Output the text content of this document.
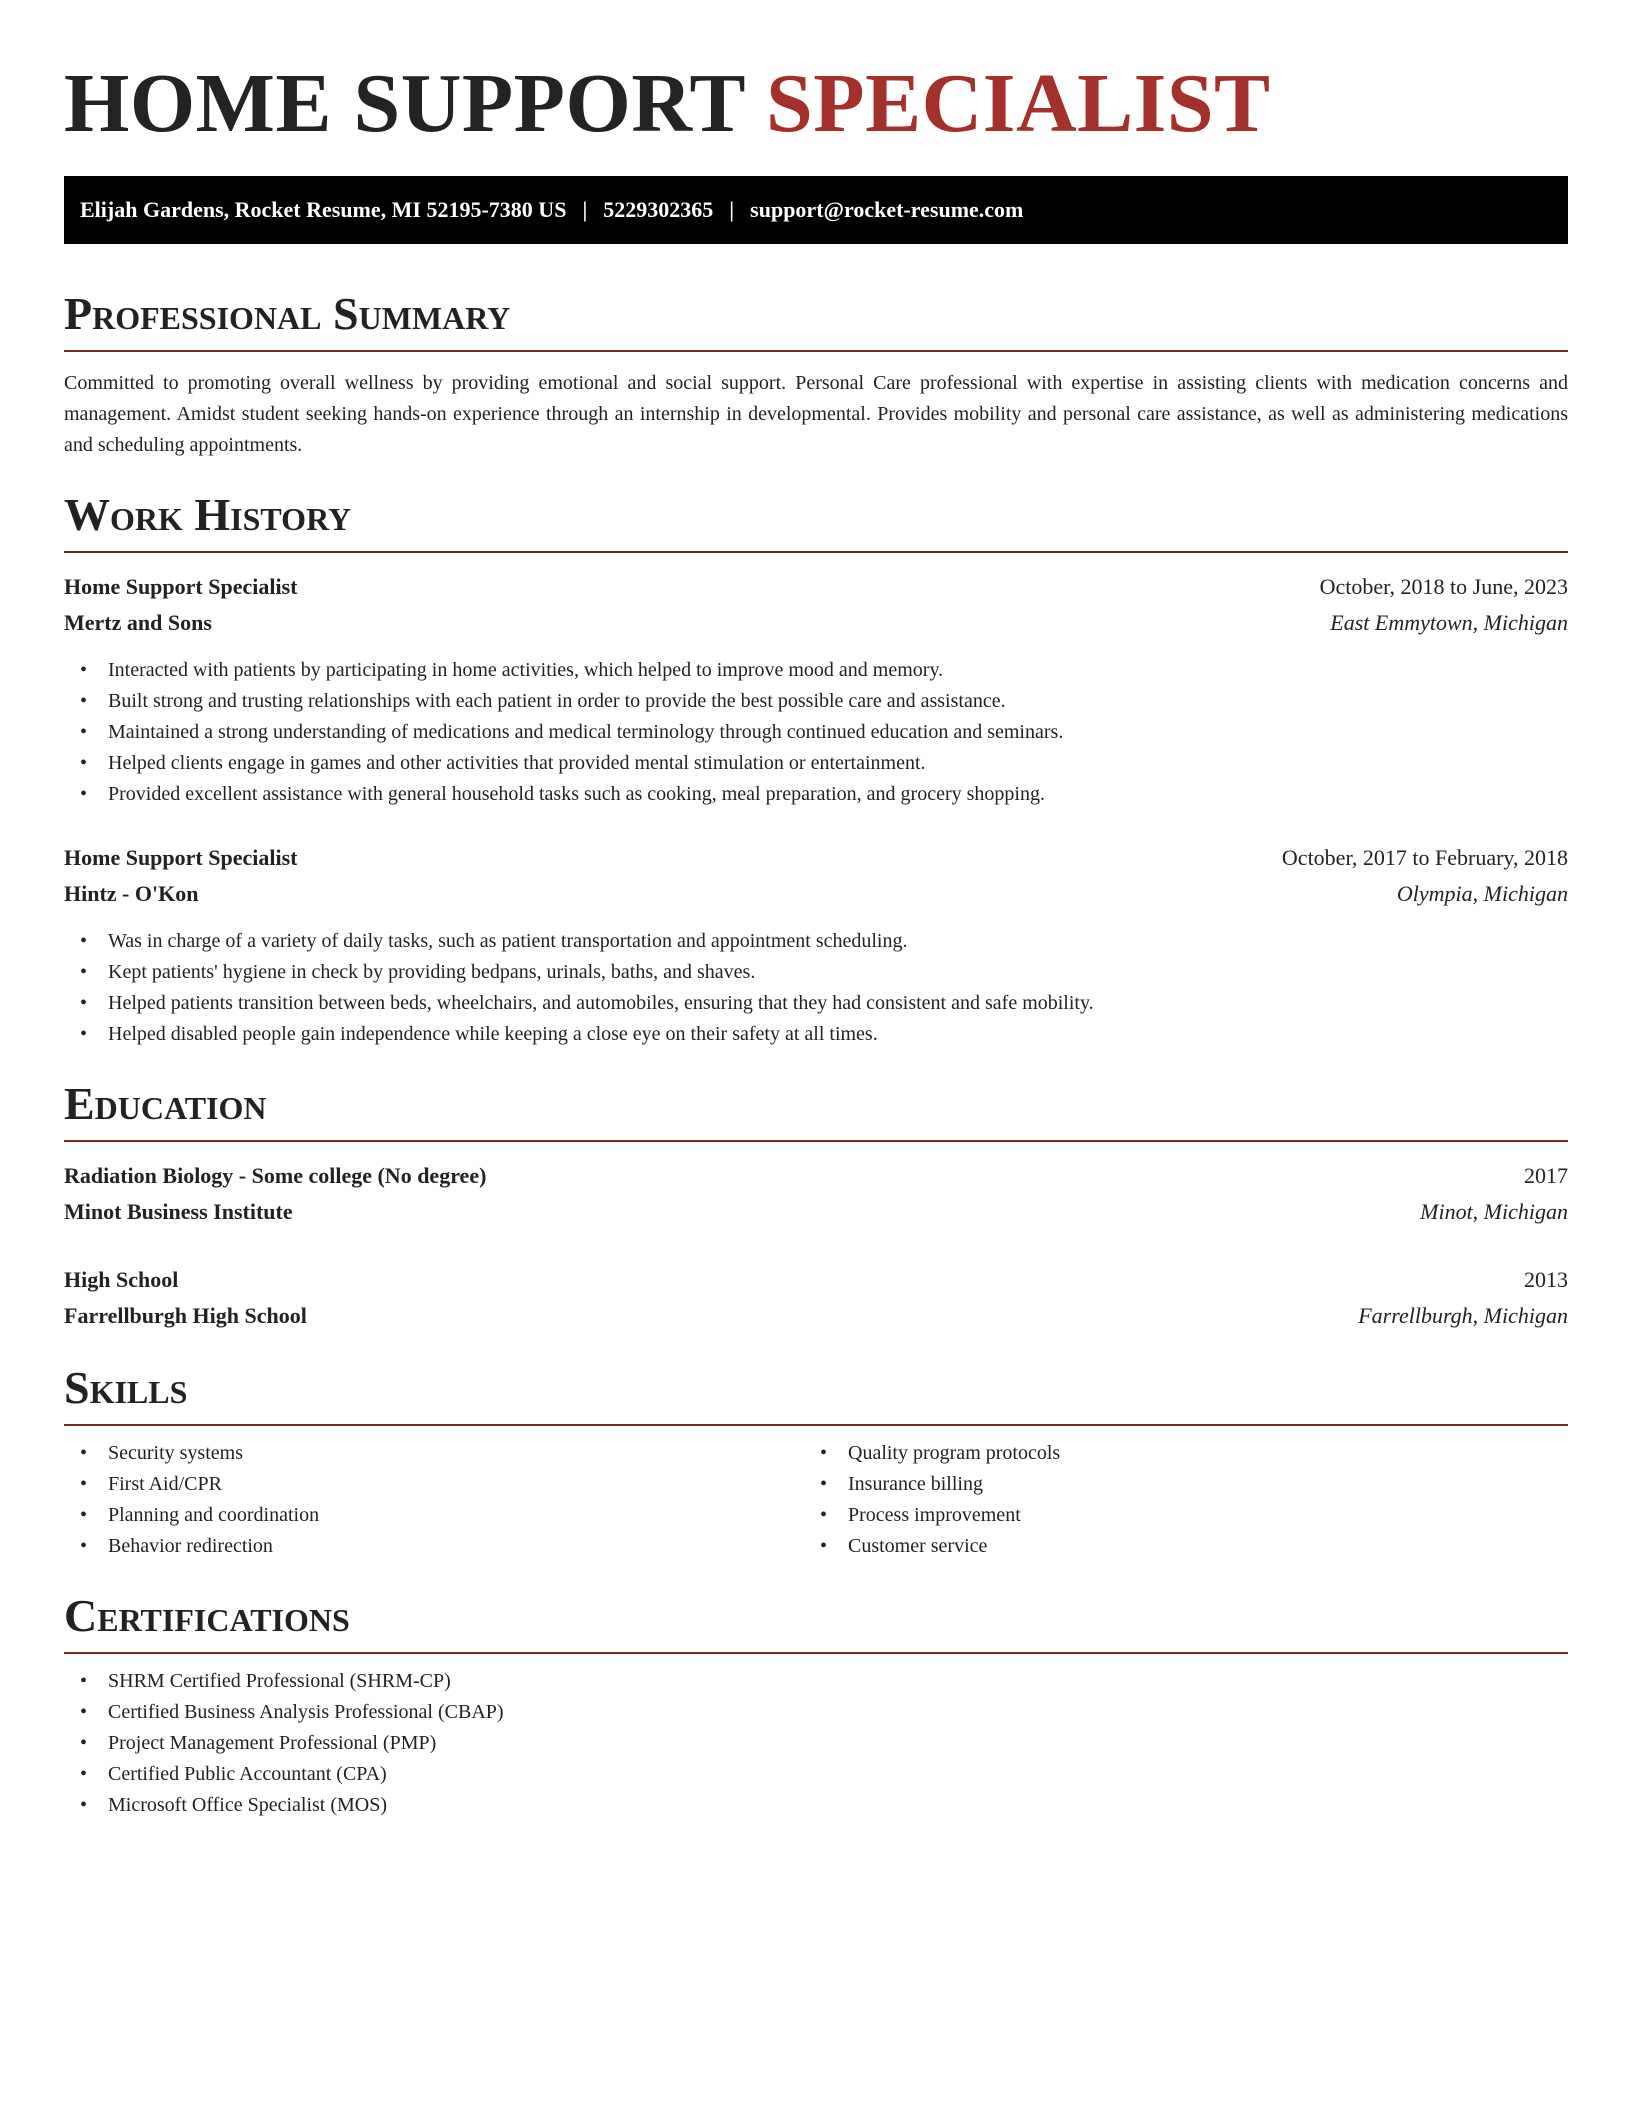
HOME SUPPORT SPECIALIST
Elijah Gardens, Rocket Resume, MI 52195-7380 US | 5229302365 | support@rocket-resume.com
Professional Summary

Committed to promoting overall wellness by providing emotional and social support. Personal Care professional with expertise in assisting clients with medication concerns and management. Amidst student seeking hands-on experience through an internship in developmental. Provides mobility and personal care assistance, as well as administering medications and scheduling appointments.

Work History
Home Support Specialist	October, 2018 to June, 2023
Mertz and Sons	East Emmytown, Michigan
• Interacted with patients by participating in home activities, which helped to improve mood and memory.
• Built strong and trusting relationships with each patient in order to provide the best possible care and assistance.
• Maintained a strong understanding of medications and medical terminology through continued education and seminars.
• Helped clients engage in games and other activities that provided mental stimulation or entertainment.
• Provided excellent assistance with general household tasks such as cooking, meal preparation, and grocery shopping.
Home Support Specialist	October, 2017 to February, 2018
Hintz - O'Kon	Olympia, Michigan
• Was in charge of a variety of daily tasks, such as patient transportation and appointment scheduling.
• Kept patients' hygiene in check by providing bedpans, urinals, baths, and shaves.
• Helped patients transition between beds, wheelchairs, and automobiles, ensuring that they had consistent and safe mobility.
• Helped disabled people gain independence while keeping a close eye on their safety at all times.
Education
Radiation Biology - Some college (No degree)	2017
Minot Business Institute	Minot, Michigan
High School	2013
Farrellburgh High School	Farrellburgh, Michigan
Skills
• Security systems
• First Aid/CPR
• Planning and coordination
• Behavior redirection
• Quality program protocols
• Insurance billing
• Process improvement
• Customer service
Certifications
• SHRM Certified Professional (SHRM-CP)
• Certified Business Analysis Professional (CBAP)
• Project Management Professional (PMP)
• Certified Public Accountant (CPA)
• Microsoft Office Specialist (MOS)
